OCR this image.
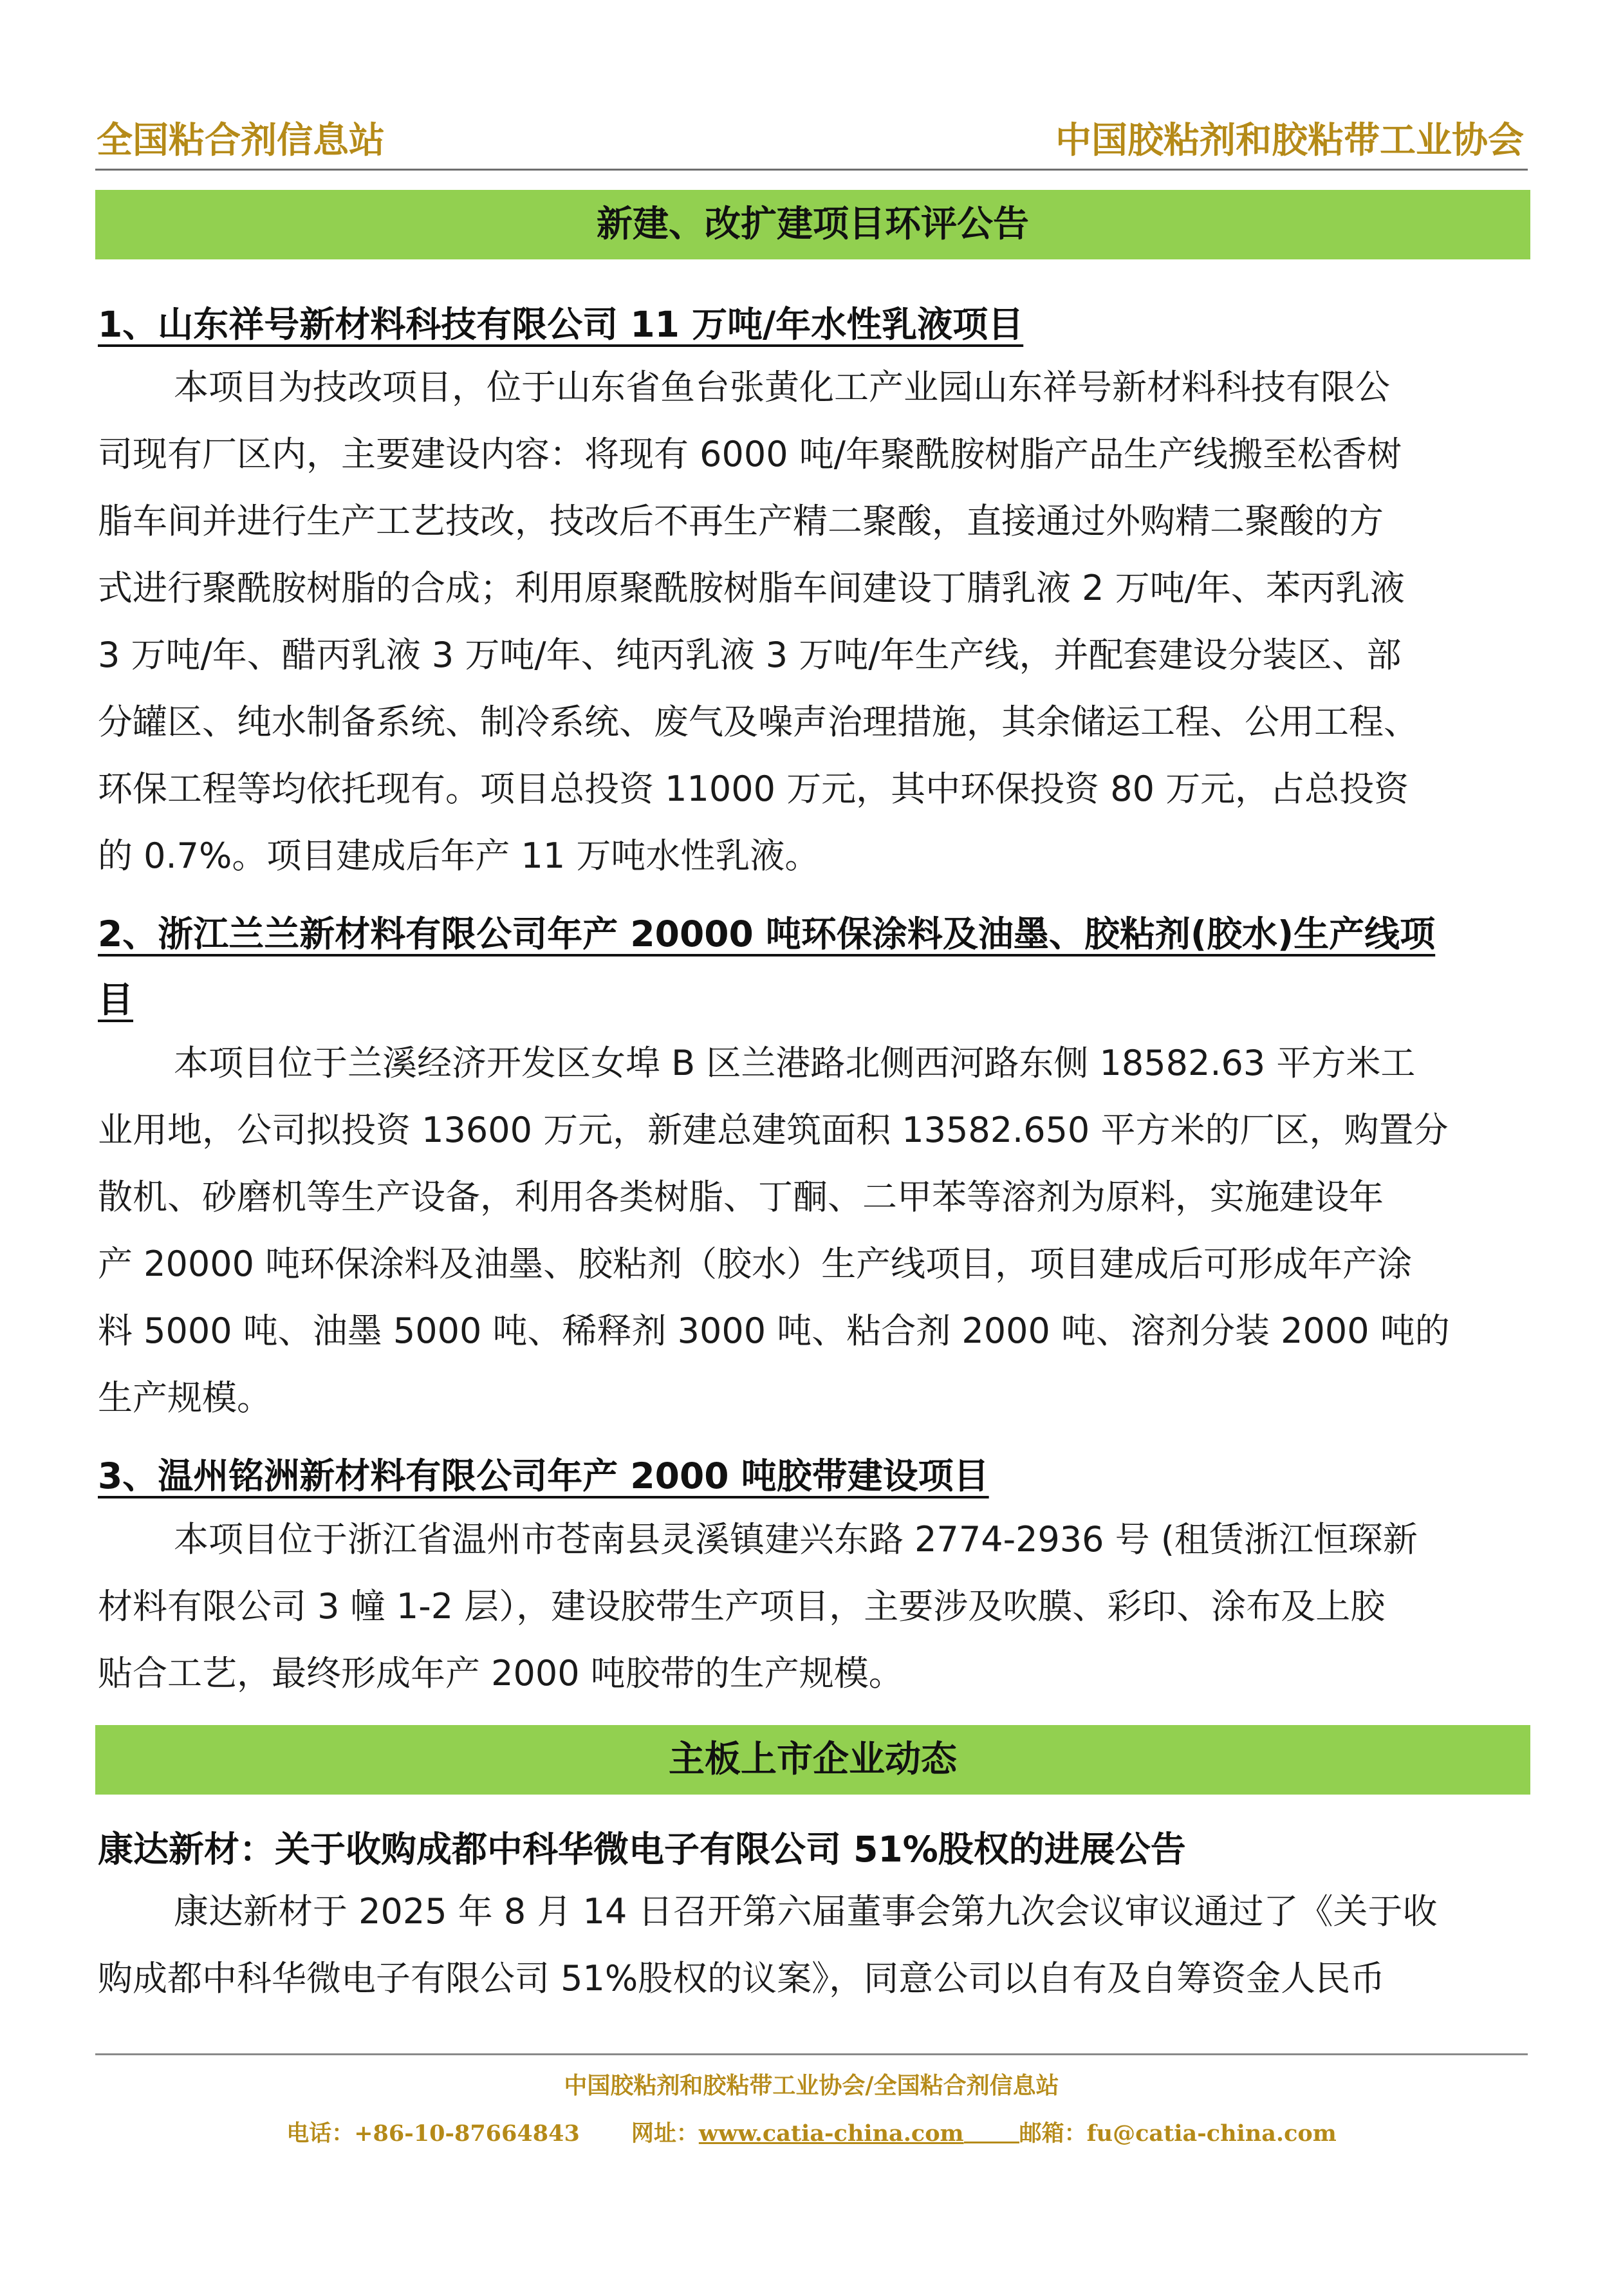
全国粘合剂信息站	中国胶粘剂和胶粘带工业协会
新建、改扩建项目环评公告
1、山东祥号新材料科技有限公司 11 万吨/年水性乳液项目
本项目为技改项目，位于山东省鱼台张黄化工产业园山东祥号新材料科技有限公
司现有厂区内，主要建设内容：将现有 6000 吨/年聚酰胺树脂产品生产线搬至松香树
脂车间并进行生产工艺技改，技改后不再生产精二聚酸，直接通过外购精二聚酸的方
式进行聚酰胺树脂的合成；利用原聚酰胺树脂车间建设丁腈乳液 2 万吨/年、苯丙乳液
3 万吨/年、醋丙乳液 3 万吨/年、纯丙乳液 3 万吨/年生产线，并配套建设分装区、部
分罐区、纯水制备系统、制冷系统、废气及噪声治理措施，其余储运工程、公用工程、
环保工程等均依托现有。项目总投资 11000 万元，其中环保投资 80 万元，占总投资
的 0.7%。项目建成后年产 11 万吨水性乳液。
2、浙江兰兰新材料有限公司年产 20000 吨环保涂料及油墨、胶粘剂(胶水)生产线项
目
本项目位于兰溪经济开发区女埠 B 区兰港路北侧西河路东侧 18582.63 平方米工
业用地，公司拟投资 13600 万元，新建总建筑面积 13582.650 平方米的厂区，购置分
散机、砂磨机等生产设备，利用各类树脂、丁酮、二甲苯等溶剂为原料，实施建设年
产 20000 吨环保涂料及油墨、胶粘剂（胶水）生产线项目，项目建成后可形成年产涂
料 5000 吨、油墨 5000 吨、稀释剂 3000 吨、粘合剂 2000 吨、溶剂分装 2000 吨的
生产规模。
3、温州铭洲新材料有限公司年产 2000 吨胶带建设项目
本项目位于浙江省温州市苍南县灵溪镇建兴东路 2774-2936 号 (租赁浙江恒琛新
材料有限公司 3 幢 1-2 层），建设胶带生产项目，主要涉及吹膜、彩印、涂布及上胶
贴合工艺，最终形成年产 2000 吨胶带的生产规模。
主板上市企业动态
康达新材：关于收购成都中科华微电子有限公司 51%股权的进展公告
康达新材于 2025 年 8 月 14 日召开第六届董事会第九次会议审议通过了《关于收
购成都中科华微电子有限公司 51%股权的议案》，同意公司以自有及自筹资金人民币
中国胶粘剂和胶粘带工业协会/全国粘合剂信息站
电话：+86-10-87664843 网址：www.catia-china.com 邮箱：fu@catia-china.com
